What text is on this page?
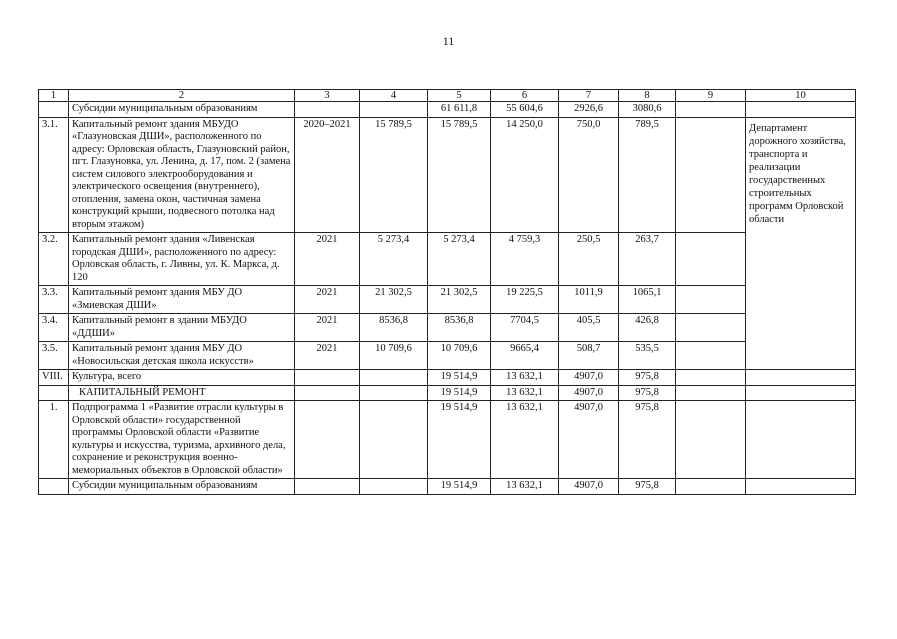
11
1	2	3	4	5	6	7	8	9	10
	Субсидии муниципальным образованиям			61 611,8	55 604,6	2926,6	3080,6		
3.1.	Капитальный ремонт здания МБУДО «Глазуновская ДШИ», расположенного по адресу: Орловская область, Глазуновский район, пгт. Глазуновка, ул. Ленина, д. 17, пом. 2 (замена систем силового электрооборудования и электрического освещения (внутреннего), отопления, замена окон, частичная замена конструкций крыши, подвесного потолка над вторым этажом)	2020–2021	15 789,5	15 789,5	14 250,0	750,0	789,5		Департамент дорожного хозяйства, транспорта и реализации государственных строительных программ Орловской области
3.2.	Капитальный ремонт здания «Ливенская городская ДШИ», расположенного по адресу: Орловская область, г. Ливны, ул. К. Маркса, д. 120	2021	5 273,4	5 273,4	4 759,3	250,5	263,7		
3.3.	Капитальный ремонт здания МБУ ДО «Змиевская ДШИ»	2021	21 302,5	21 302,5	19 225,5	1011,9	1065,1		
3.4.	Капитальный ремонт в здании МБУДО «ДДШИ»	2021	8536,8	8536,8	7704,5	405,5	426,8		
3.5.	Капитальный ремонт здания МБУ ДО «Новосильская детская школа искусств»	2021	10 709,6	10 709,6	9665,4	508,7	535,5		
VIII.	Культура, всего			19 514,9	13 632,1	4907,0	975,8		
	КАПИТАЛЬНЫЙ РЕМОНТ			19 514,9	13 632,1	4907,0	975,8		
1.	Подпрограмма 1 «Развитие отрасли культуры в Орловской области» государственной программы Орловской области «Развитие культуры и искусства, туризма, архивного дела, сохранение и реконструкция военно-мемориальных объектов в Орловской области»			19 514,9	13 632,1	4907,0	975,8		
	Субсидии муниципальным образованиям			19 514,9	13 632,1	4907,0	975,8		
